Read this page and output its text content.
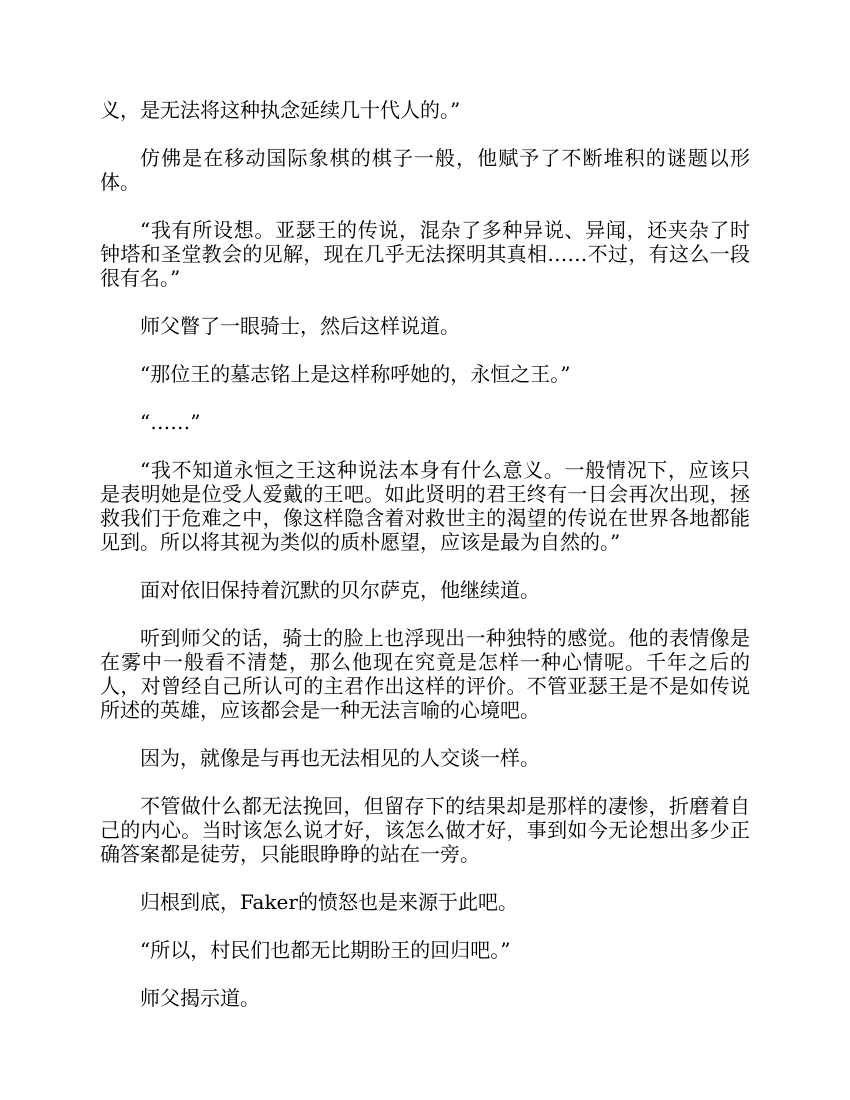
义，是无法将这种执念延续几十代人的。”

仿佛是在移动国际象棋的棋子一般，他赋予了不断堆积的谜题以形体。

“我有所设想。亚瑟王的传说，混杂了多种异说、异闻，还夹杂了时钟塔和圣堂教会的见解，现在几乎无法探明其真相……不过，有这么一段很有名。”

师父瞥了一眼骑士，然后这样说道。

“那位王的墓志铭上是这样称呼她的，永恒之王。”

“……”

“我不知道永恒之王这种说法本身有什么意义。一般情况下，应该只是表明她是位受人爱戴的王吧。如此贤明的君王终有一日会再次出现，拯救我们于危难之中，像这样隐含着对救世主的渴望的传说在世界各地都能见到。所以将其视为类似的质朴愿望，应该是最为自然的。”

面对依旧保持着沉默的贝尔萨克，他继续道。

听到师父的话，骑士的脸上也浮现出一种独特的感觉。他的表情像是在雾中一般看不清楚，那么他现在究竟是怎样一种心情呢。千年之后的人，对曾经自己所认可的主君作出这样的评价。不管亚瑟王是不是如传说所述的英雄，应该都会是一种无法言喻的心境吧。

因为，就像是与再也无法相见的人交谈一样。

不管做什么都无法挽回，但留存下的结果却是那样的凄惨，折磨着自己的内心。当时该怎么说才好，该怎么做才好，事到如今无论想出多少正确答案都是徒劳，只能眼睁睁的站在一旁。

归根到底，Faker的愤怒也是来源于此吧。

“所以，村民们也都无比期盼王的回归吧。”

师父揭示道。
